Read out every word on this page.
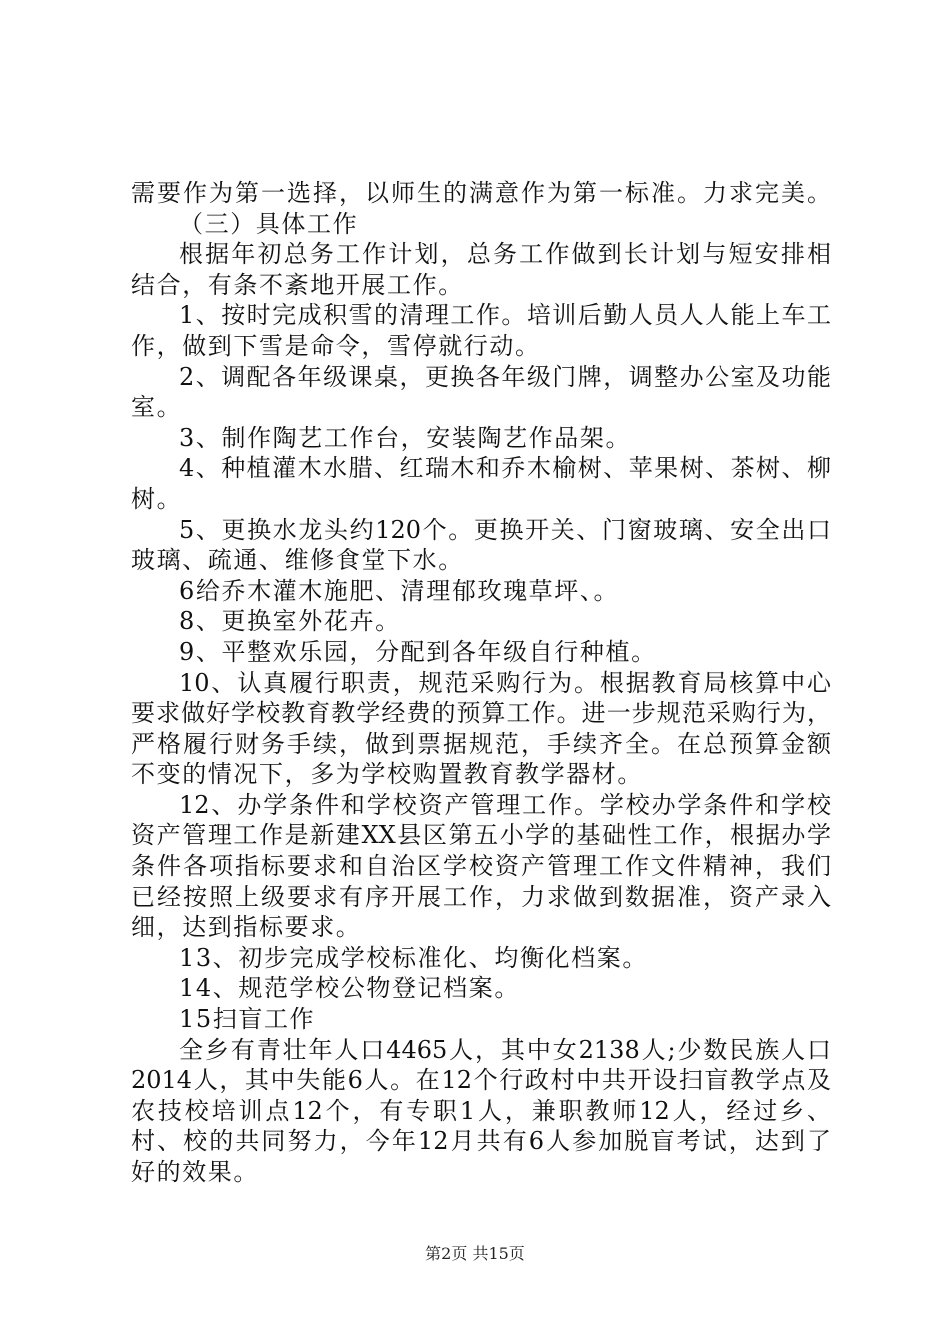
需要作为第一选择，以师生的满意作为第一标准。力求完美。
（三）具体工作
根据年初总务工作计划，总务工作做到长计划与短安排相
结合，有条不紊地开展工作。
1、按时完成积雪的清理工作。培训后勤人员人人能上车工
作，做到下雪是命令，雪停就行动。
2、调配各年级课桌，更换各年级门牌，调整办公室及功能
室。
3、制作陶艺工作台，安装陶艺作品架。
4、种植灌木水腊、红瑞木和乔木榆树、苹果树、茶树、柳
树。
5、更换水龙头约120个。更换开关、门窗玻璃、安全出口
玻璃、疏通、维修食堂下水。
6给乔木灌木施肥、清理郁玫瑰草坪、。
8、更换室外花卉。
9、平整欢乐园，分配到各年级自行种植。
10、认真履行职责，规范采购行为。根据教育局核算中心
要求做好学校教育教学经费的预算工作。进一步规范采购行为，
严格履行财务手续，做到票据规范，手续齐全。在总预算金额
不变的情况下，多为学校购置教育教学器材。
12、办学条件和学校资产管理工作。学校办学条件和学校
资产管理工作是新建XX县区第五小学的基础性工作，根据办学
条件各项指标要求和自治区学校资产管理工作文件精神，我们
已经按照上级要求有序开展工作，力求做到数据准，资产录入
细，达到指标要求。
13、初步完成学校标准化、均衡化档案。
14、规范学校公物登记档案。
15扫盲工作
全乡有青壮年人口4465人，其中女2138人;少数民族人口
2014人，其中失能6人。在12个行政村中共开设扫盲教学点及
农技校培训点12个，有专职1人，兼职教师12人，经过乡、
村、校的共同努力，今年12月共有6人参加脱盲考试，达到了
好的效果。
第2页 共15页
